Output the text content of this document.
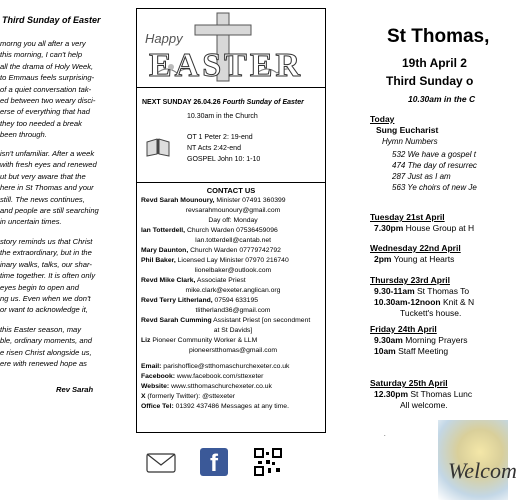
Third Sunday of Easter
morng you all after a very
this morning, I can't help
all the drama of Holy Week,
to Emmaus feels surprising-
of a quiet conversation tak-
ed between two weary disci-
erse of everything that had
they too needed a break
been through.
isn't unfamiliar. After a week
with fresh eyes and renewed
ut but very aware that the
here in St Thomas and your
still. The news continues,
and people are still searching
in uncertain times.
story reminds us that Christ
the extraordinary, but in the
inary walks, talks, our shar-
time together. It is often only
eyes begin to open and
ng us. Even when we don't
or want to acknowledge it,
this Easter season, may
ble, ordinary moments, and
e risen Christ alongside us,
ere with renewed hope as
Rev Sarah
Happy
EASTER
NEXT SUNDAY 26.04.26 Fourth Sunday of Easter
10.30am in the Church
OT 1 Peter 2: 19-end
NT Acts 2:42-end
GOSPEL John 10: 1-10
CONTACT US
Revd Sarah Mounoury, Minister 07491 360399
revsarahmounoury@gmail.com
Day off: Monday
Ian Totterdell, Church Warden 07536459096
Ian.totterdell@cantab.net
Mary Daunton, Church Warden 07779742792
Phil Baker, Licensed Lay Minister 07970 216740
lionelbaker@outlook.com
Revd Mike Clark, Associate Priest
mike.clark@exeter.anglican.org
Revd Terry Litherland, 07594 633195
tlitherland36@gmail.com
Revd Sarah Cumming Assistant Priest [on secondment
at St Davids]
Liz Pioneer Community Worker & LLM
pioneerstthomas@gmail.com
Email: parishoffice@stthomaschurchexeter.co.uk
Facebook: www.facebook.com/sttexeter
Website: www.stthomaschurchexeter.co.uk
X (formerly Twitter): @sttexeter
Office Tel: 01392 437486 Messages at any time.
f
St Thomas,
19th April 2
Third Sunday o
10.30am in the C
Today
Sung Eucharist
Hymn Numbers
532 We have a gospel t
474 The day of resurrec
287 Just as I am
563 Ye choirs of new Je
Tuesday 21st April
7.30pm House Group at H
Wednesday 22nd April
2pm Young at Hearts
Thursday 23rd April
9.30-11am St Thomas To
10.30am-12noon Knit & N
Tuckett's house.
Friday 24th April
9.30am Morning Prayers
10am Staff Meeting
Saturday 25th April
12.30pm St Thomas Lunc
All welcome.
.
Welcom
